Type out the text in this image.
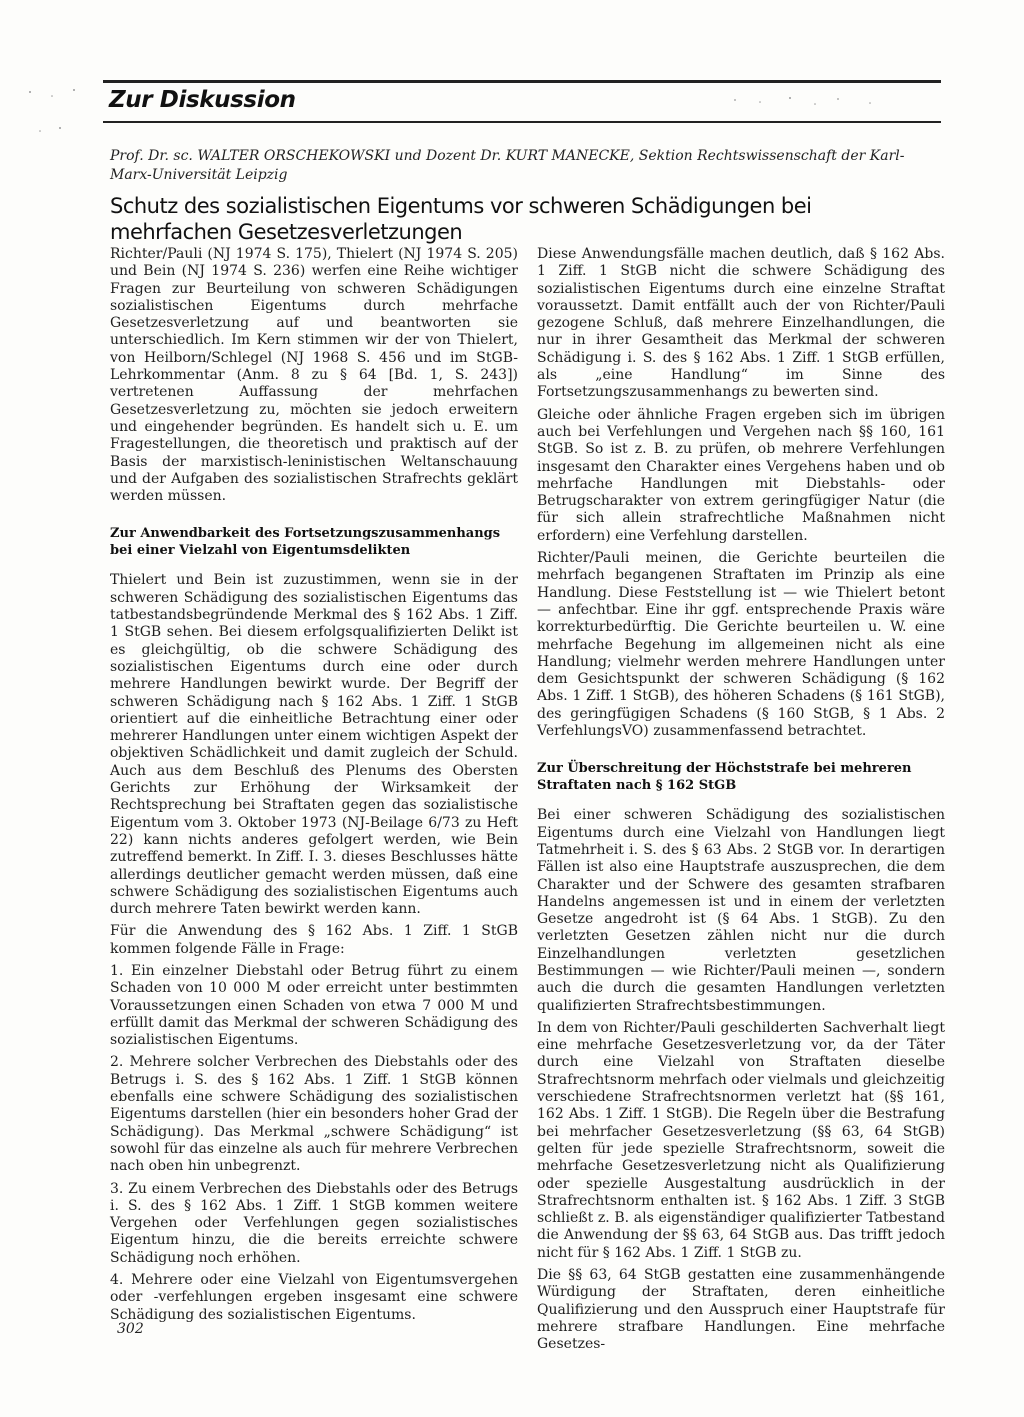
Zur Diskussion

Prof. Dr. sc. WALTER ORSCHEKOWSKI und Dozent Dr. KURT MANECKE, Sektion Rechtswissenschaft der Karl-Marx-Universität Leipzig

Schutz des sozialistischen Eigentums vor schweren Schädigungen bei mehrfachen Gesetzesverletzungen

Richter/Pauli (NJ 1974 S. 175), Thielert (NJ 1974 S. 205) und Bein (NJ 1974 S. 236) werfen eine Reihe wichtiger Fragen zur Beurteilung von schweren Schädigungen sozialistischen Eigentums durch mehrfache Gesetzesverletzung auf und beantworten sie unterschiedlich. Im Kern stimmen wir der von Thielert, von Heilborn/Schlegel (NJ 1968 S. 456 und im StGB-Lehrkommentar (Anm. 8 zu § 64 [Bd. 1, S. 243]) vertretenen Auffassung der mehrfachen Gesetzesverletzung zu, möchten sie jedoch erweitern und eingehender begründen. Es handelt sich u. E. um Fragestellungen, die theoretisch und praktisch auf der Basis der marxistisch-leninistischen Weltanschauung und der Aufgaben des sozialistischen Strafrechts geklärt werden müssen.

Zur Anwendbarkeit des Fortsetzungszusammenhangs bei einer Vielzahl von Eigentumsdelikten

Thielert und Bein ist zuzustimmen, wenn sie in der schweren Schädigung des sozialistischen Eigentums das tatbestandsbegründende Merkmal des § 162 Abs. 1 Ziff. 1 StGB sehen. Bei diesem erfolgsqualifizierten Delikt ist es gleichgültig, ob die schwere Schädigung des sozialistischen Eigentums durch eine oder durch mehrere Handlungen bewirkt wurde. Der Begriff der schweren Schädigung nach § 162 Abs. 1 Ziff. 1 StGB orientiert auf die einheitliche Betrachtung einer oder mehrerer Handlungen unter einem wichtigen Aspekt der objektiven Schädlichkeit und damit zugleich der Schuld. Auch aus dem Beschluß des Plenums des Obersten Gerichts zur Erhöhung der Wirksamkeit der Rechtsprechung bei Straftaten gegen das sozialistische Eigentum vom 3. Oktober 1973 (NJ-Beilage 6/73 zu Heft 22) kann nichts anderes gefolgert werden, wie Bein zutreffend bemerkt. In Ziff. I. 3. dieses Beschlusses hätte allerdings deutlicher gemacht werden müssen, daß eine schwere Schädigung des sozialistischen Eigentums auch durch mehrere Taten bewirkt werden kann.

Für die Anwendung des § 162 Abs. 1 Ziff. 1 StGB kommen folgende Fälle in Frage:

1. Ein einzelner Diebstahl oder Betrug führt zu einem Schaden von 10 000 M oder erreicht unter bestimmten Voraussetzungen einen Schaden von etwa 7 000 M und erfüllt damit das Merkmal der schweren Schädigung des sozialistischen Eigentums.

2. Mehrere solcher Verbrechen des Diebstahls oder des Betrugs i. S. des § 162 Abs. 1 Ziff. 1 StGB können ebenfalls eine schwere Schädigung des sozialistischen Eigentums darstellen (hier ein besonders hoher Grad der Schädigung). Das Merkmal „schwere Schädigung“ ist sowohl für das einzelne als auch für mehrere Verbrechen nach oben hin unbegrenzt.

3. Zu einem Verbrechen des Diebstahls oder des Betrugs i. S. des § 162 Abs. 1 Ziff. 1 StGB kommen weitere Vergehen oder Verfehlungen gegen sozialistisches Eigentum hinzu, die die bereits erreichte schwere Schädigung noch erhöhen.

4. Mehrere oder eine Vielzahl von Eigentumsvergehen oder -verfehlungen ergeben insgesamt eine schwere Schädigung des sozialistischen Eigentums.

Diese Anwendungsfälle machen deutlich, daß § 162 Abs. 1 Ziff. 1 StGB nicht die schwere Schädigung des sozialistischen Eigentums durch eine einzelne Straftat voraussetzt. Damit entfällt auch der von Richter/Pauli gezogene Schluß, daß mehrere Einzelhandlungen, die nur in ihrer Gesamtheit das Merkmal der schweren Schädigung i. S. des § 162 Abs. 1 Ziff. 1 StGB erfüllen, als „eine Handlung“ im Sinne des Fortsetzungszusammenhangs zu bewerten sind.

Gleiche oder ähnliche Fragen ergeben sich im übrigen auch bei Verfehlungen und Vergehen nach §§ 160, 161 StGB. So ist z. B. zu prüfen, ob mehrere Verfehlungen insgesamt den Charakter eines Vergehens haben und ob mehrfache Handlungen mit Diebstahls- oder Betrugscharakter von extrem geringfügiger Natur (die für sich allein strafrechtliche Maßnahmen nicht erfordern) eine Verfehlung darstellen.

Richter/Pauli meinen, die Gerichte beurteilen die mehrfach begangenen Straftaten im Prinzip als eine Handlung. Diese Feststellung ist — wie Thielert betont — anfechtbar. Eine ihr ggf. entsprechende Praxis wäre korrekturbedürftig. Die Gerichte beurteilen u. W. eine mehrfache Begehung im allgemeinen nicht als eine Handlung; vielmehr werden mehrere Handlungen unter dem Gesichtspunkt der schweren Schädigung (§ 162 Abs. 1 Ziff. 1 StGB), des höheren Schadens (§ 161 StGB), des geringfügigen Schadens (§ 160 StGB, § 1 Abs. 2 VerfehlungsVO) zusammenfassend betrachtet.

Zur Überschreitung der Höchststrafe bei mehreren Straftaten nach § 162 StGB

Bei einer schweren Schädigung des sozialistischen Eigentums durch eine Vielzahl von Handlungen liegt Tatmehrheit i. S. des § 63 Abs. 2 StGB vor. In derartigen Fällen ist also eine Hauptstrafe auszusprechen, die dem Charakter und der Schwere des gesamten strafbaren Handelns angemessen ist und in einem der verletzten Gesetze angedroht ist (§ 64 Abs. 1 StGB). Zu den verletzten Gesetzen zählen nicht nur die durch Einzelhandlungen verletzten gesetzlichen Bestimmungen — wie Richter/Pauli meinen —, sondern auch die durch die gesamten Handlungen verletzten qualifizierten Strafrechtsbestimmungen.

In dem von Richter/Pauli geschilderten Sachverhalt liegt eine mehrfache Gesetzesverletzung vor, da der Täter durch eine Vielzahl von Straftaten dieselbe Strafrechtsnorm mehrfach oder vielmals und gleichzeitig verschiedene Strafrechtsnormen verletzt hat (§§ 161, 162 Abs. 1 Ziff. 1 StGB). Die Regeln über die Bestrafung bei mehrfacher Gesetzesverletzung (§§ 63, 64 StGB) gelten für jede spezielle Strafrechtsnorm, soweit die mehrfache Gesetzesverletzung nicht als Qualifizierung oder spezielle Ausgestaltung ausdrücklich in der Strafrechtsnorm enthalten ist. § 162 Abs. 1 Ziff. 3 StGB schließt z. B. als eigenständiger qualifizierter Tatbestand die Anwendung der §§ 63, 64 StGB aus. Das trifft jedoch nicht für § 162 Abs. 1 Ziff. 1 StGB zu.

Die §§ 63, 64 StGB gestatten eine zusammenhängende Würdigung der Straftaten, deren einheitliche Qualifizierung und den Ausspruch einer Hauptstrafe für mehrere strafbare Handlungen. Eine mehrfache Gesetzes-

302
